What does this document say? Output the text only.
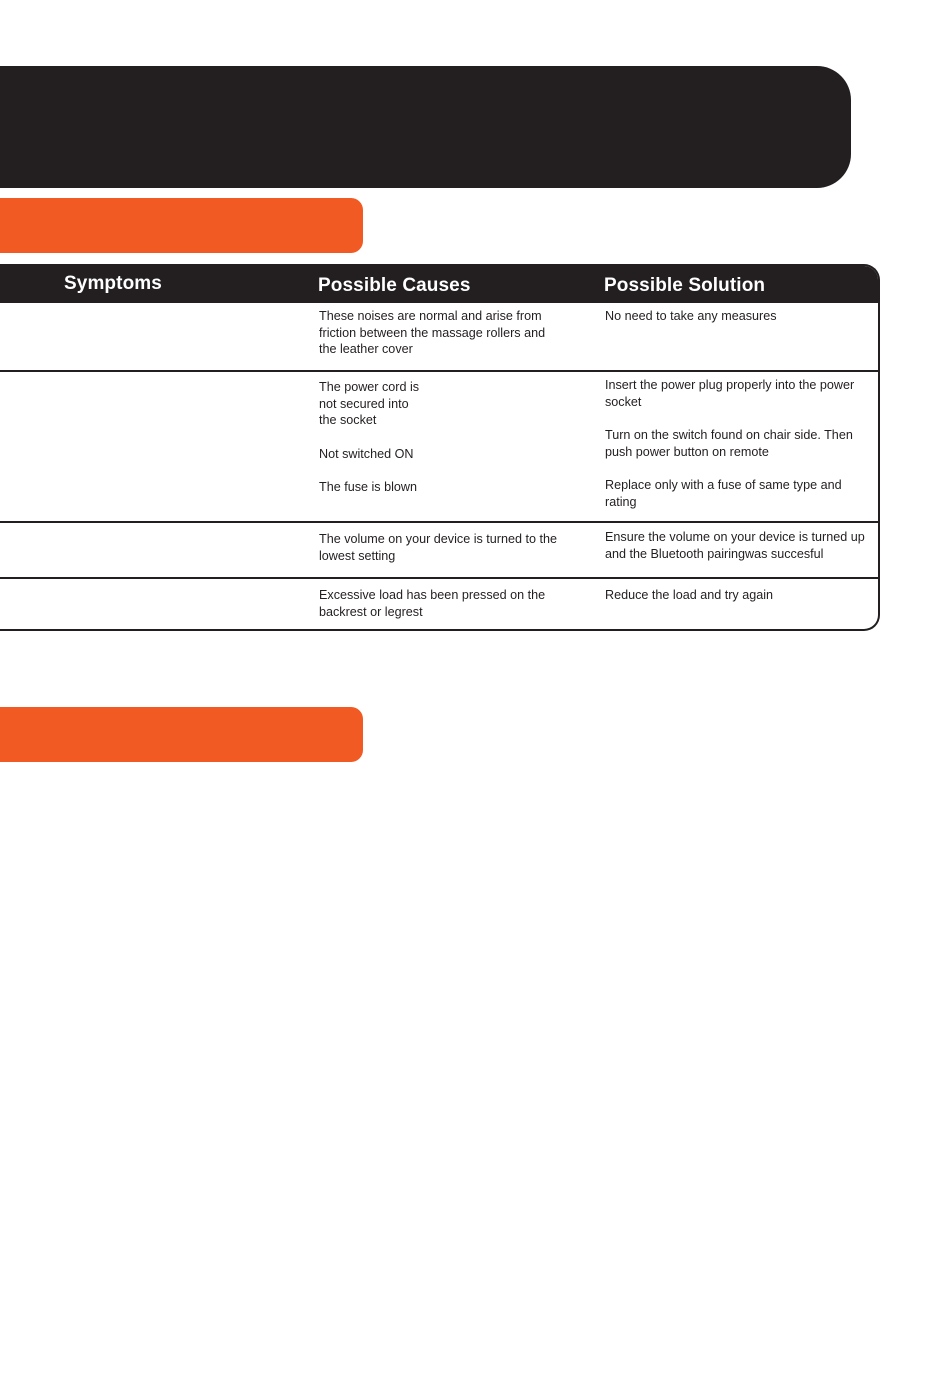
Symptoms	Possible Causes	Possible Solution

These noises are normal and arise from friction between the massage rollers and the leather cover

No need to take any measures

The power cord is

not secured into

the socket

Not switched ON

The fuse is blown

Insert the power plug properly into the power socket

Turn on the switch found on chair side. Then push power button on remote

Replace only with a fuse of same type and rating

The volume on your device is turned to the lowest setting

Ensure the volume on your device is turned up and the Bluetooth pairingwas succesful

Excessive load has been pressed on the backrest or legrest

Reduce the load and try again
